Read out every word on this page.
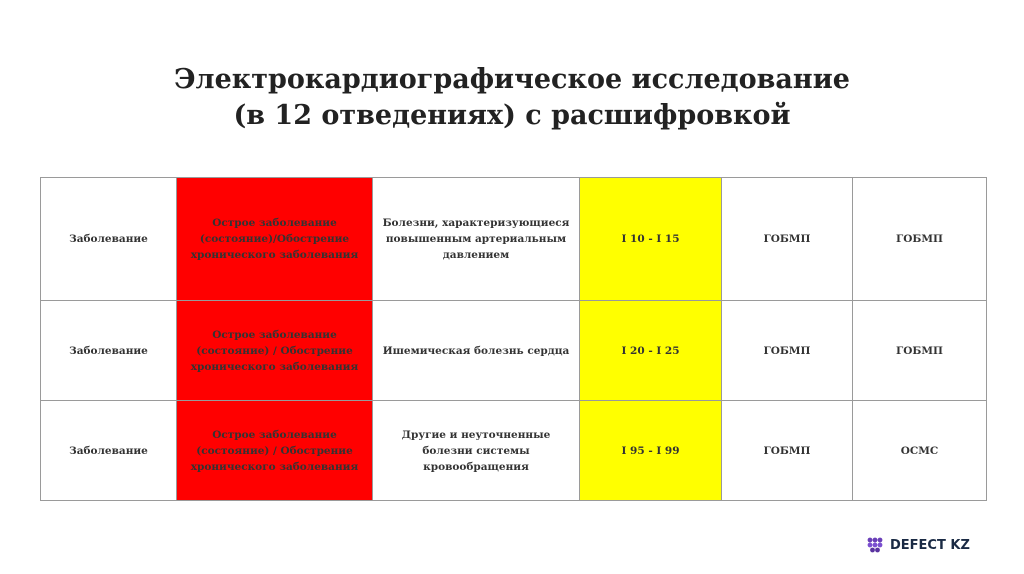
Электрокардиографическое исследование
(в 12 отведениях) с расшифровкой
Заболевание	Острое заболевание (состояние)/Обострение хронического заболевания	Болезни, характеризующиеся повышенным артериальным давлением	I 10 - I 15	ГОБМП	ГОБМП
Заболевание	Острое заболевание (состояние) / Обострение хронического заболевания	Ишемическая болезнь сердца	I 20 - I 25	ГОБМП	ГОБМП
Заболевание	Острое заболевание (состояние) / Обострение хронического заболевания	Другие и неуточненные болезни системы кровообращения	I 95 - I 99	ГОБМП	ОСМС
DEFECT KZ
